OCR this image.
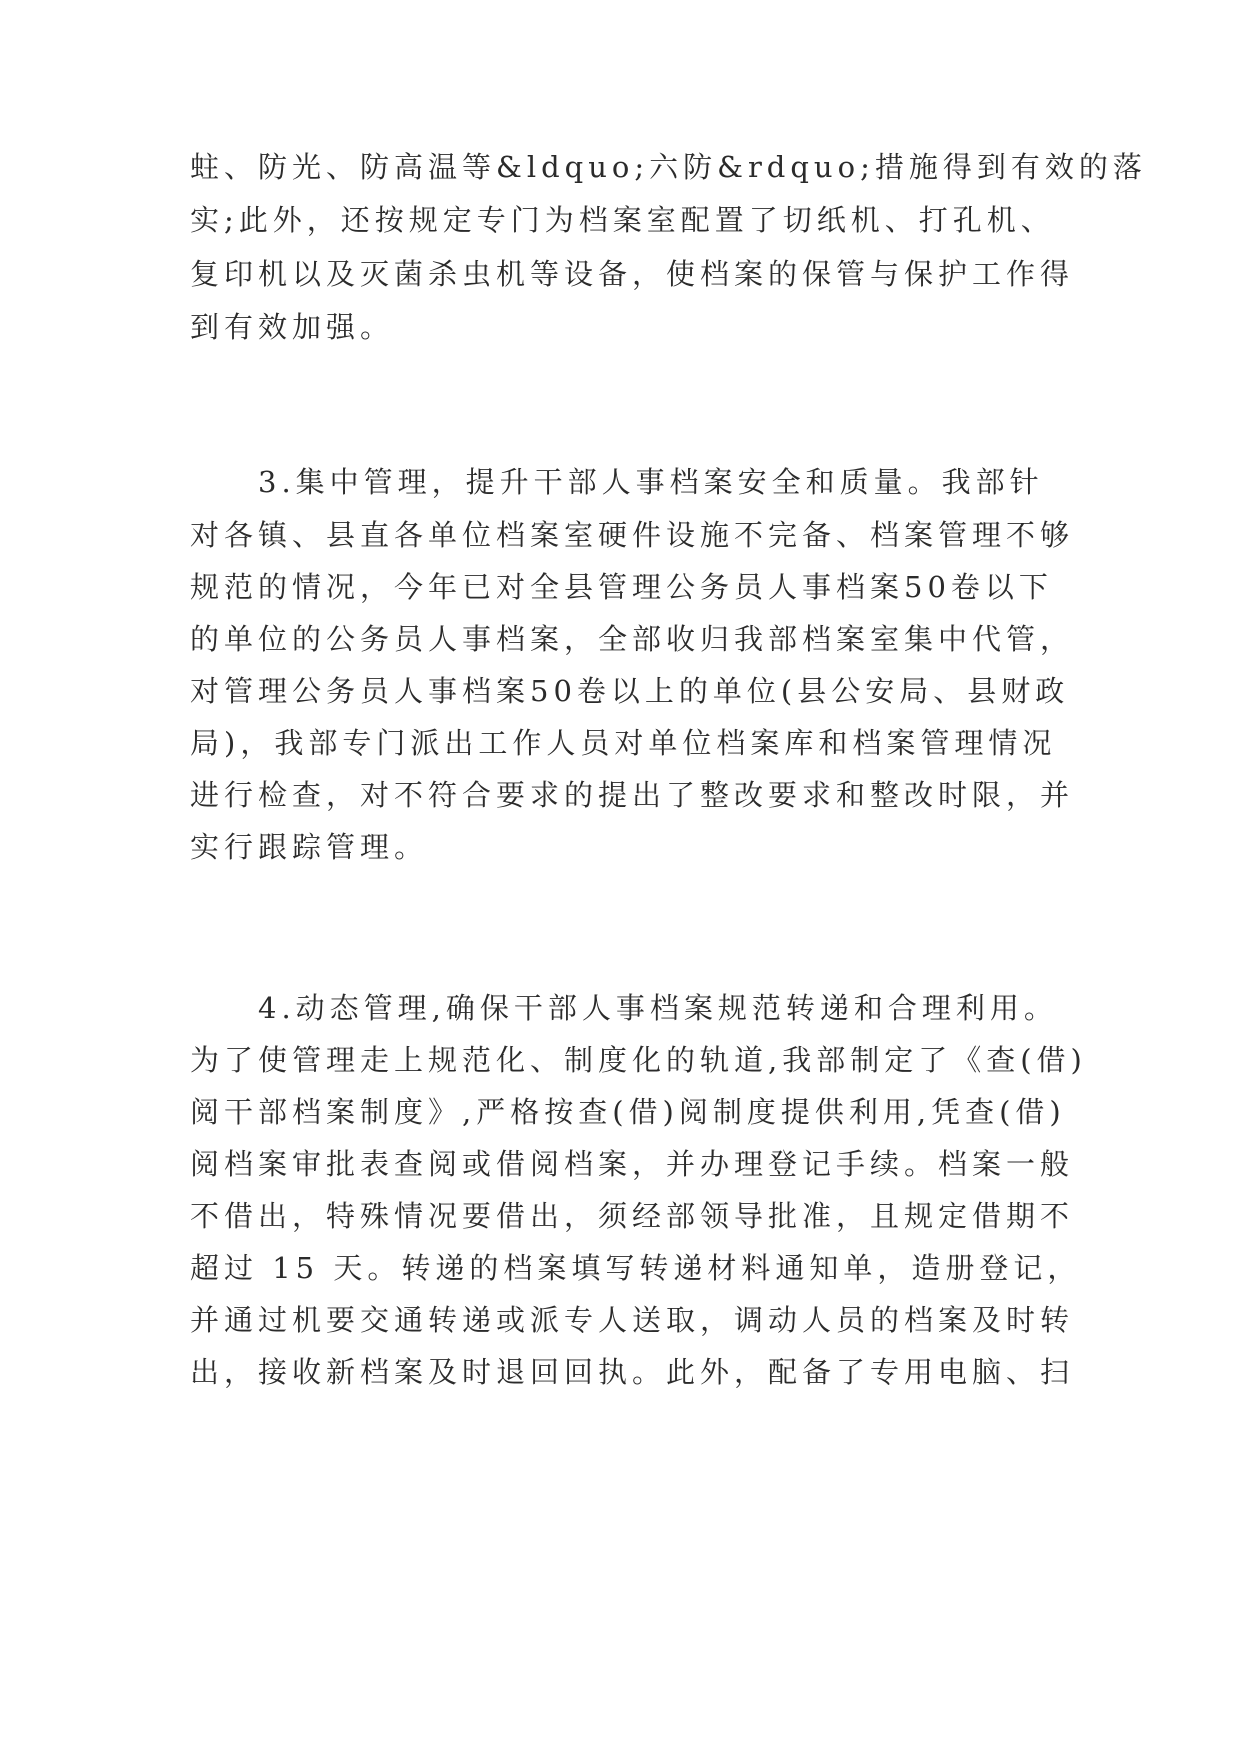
蛀、防光、防高温等&ldquo;六防&rdquo;措施得到有效的落
实;此外，还按规定专门为档案室配置了切纸机、打孔机、
复印机以及灭菌杀虫机等设备，使档案的保管与保护工作得
到有效加强。
3.集中管理，提升干部人事档案安全和质量。我部针
对各镇、县直各单位档案室硬件设施不完备、档案管理不够
规范的情况，今年已对全县管理公务员人事档案50卷以下
的单位的公务员人事档案，全部收归我部档案室集中代管，
对管理公务员人事档案50卷以上的单位(县公安局、县财政
局)，我部专门派出工作人员对单位档案库和档案管理情况
进行检查，对不符合要求的提出了整改要求和整改时限，并
实行跟踪管理。
4.动态管理,确保干部人事档案规范转递和合理利用。
为了使管理走上规范化、制度化的轨道,我部制定了《查(借)
阅干部档案制度》,严格按查(借)阅制度提供利用,凭查(借)
阅档案审批表查阅或借阅档案，并办理登记手续。档案一般
不借出，特殊情况要借出，须经部领导批准，且规定借期不
超过 15 天。转递的档案填写转递材料通知单，造册登记，
并通过机要交通转递或派专人送取，调动人员的档案及时转
出，接收新档案及时退回回执。此外，配备了专用电脑、扫
